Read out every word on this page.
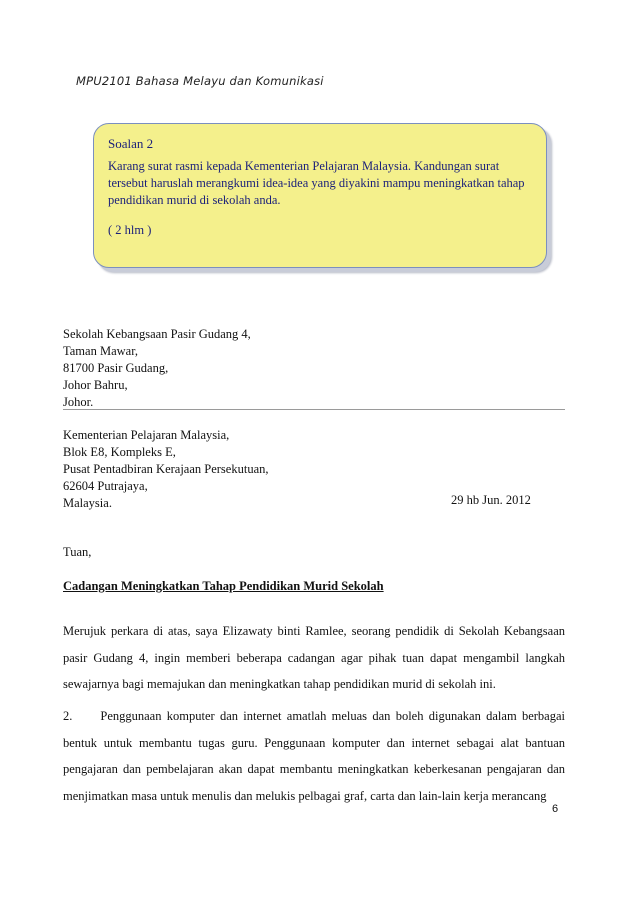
MPU2101 Bahasa Melayu dan Komunikasi
Soalan 2
Karang surat rasmi kepada Kementerian Pelajaran Malaysia. Kandungan surat tersebut haruslah merangkumi idea-idea yang diyakini mampu meningkatkan tahap pendidikan murid di sekolah anda.
( 2 hlm )
Sekolah Kebangsaan Pasir Gudang 4,
Taman Mawar,
81700 Pasir Gudang,
Johor Bahru,
Johor.
Kementerian Pelajaran Malaysia,
Blok E8, Kompleks E,
Pusat Pentadbiran Kerajaan Persekutuan,
62604 Putrajaya,
Malaysia.	29 hb Jun. 2012
Tuan,
Cadangan Meningkatkan Tahap Pendidikan Murid Sekolah
Merujuk perkara di atas, saya Elizawaty binti Ramlee, seorang pendidik di Sekolah Kebangsaan pasir Gudang 4, ingin memberi beberapa cadangan agar pihak tuan dapat mengambil langkah sewajarnya bagi memajukan dan meningkatkan tahap pendidikan murid di sekolah ini.
2. Penggunaan komputer dan internet amatlah meluas dan boleh digunakan dalam berbagai bentuk untuk membantu tugas guru. Penggunaan komputer dan internet sebagai alat bantuan pengajaran dan pembelajaran akan dapat membantu meningkatkan keberkesanan pengajaran dan menjimatkan masa untuk menulis dan melukis pelbagai graf, carta dan lain-lain kerja merancang
6
